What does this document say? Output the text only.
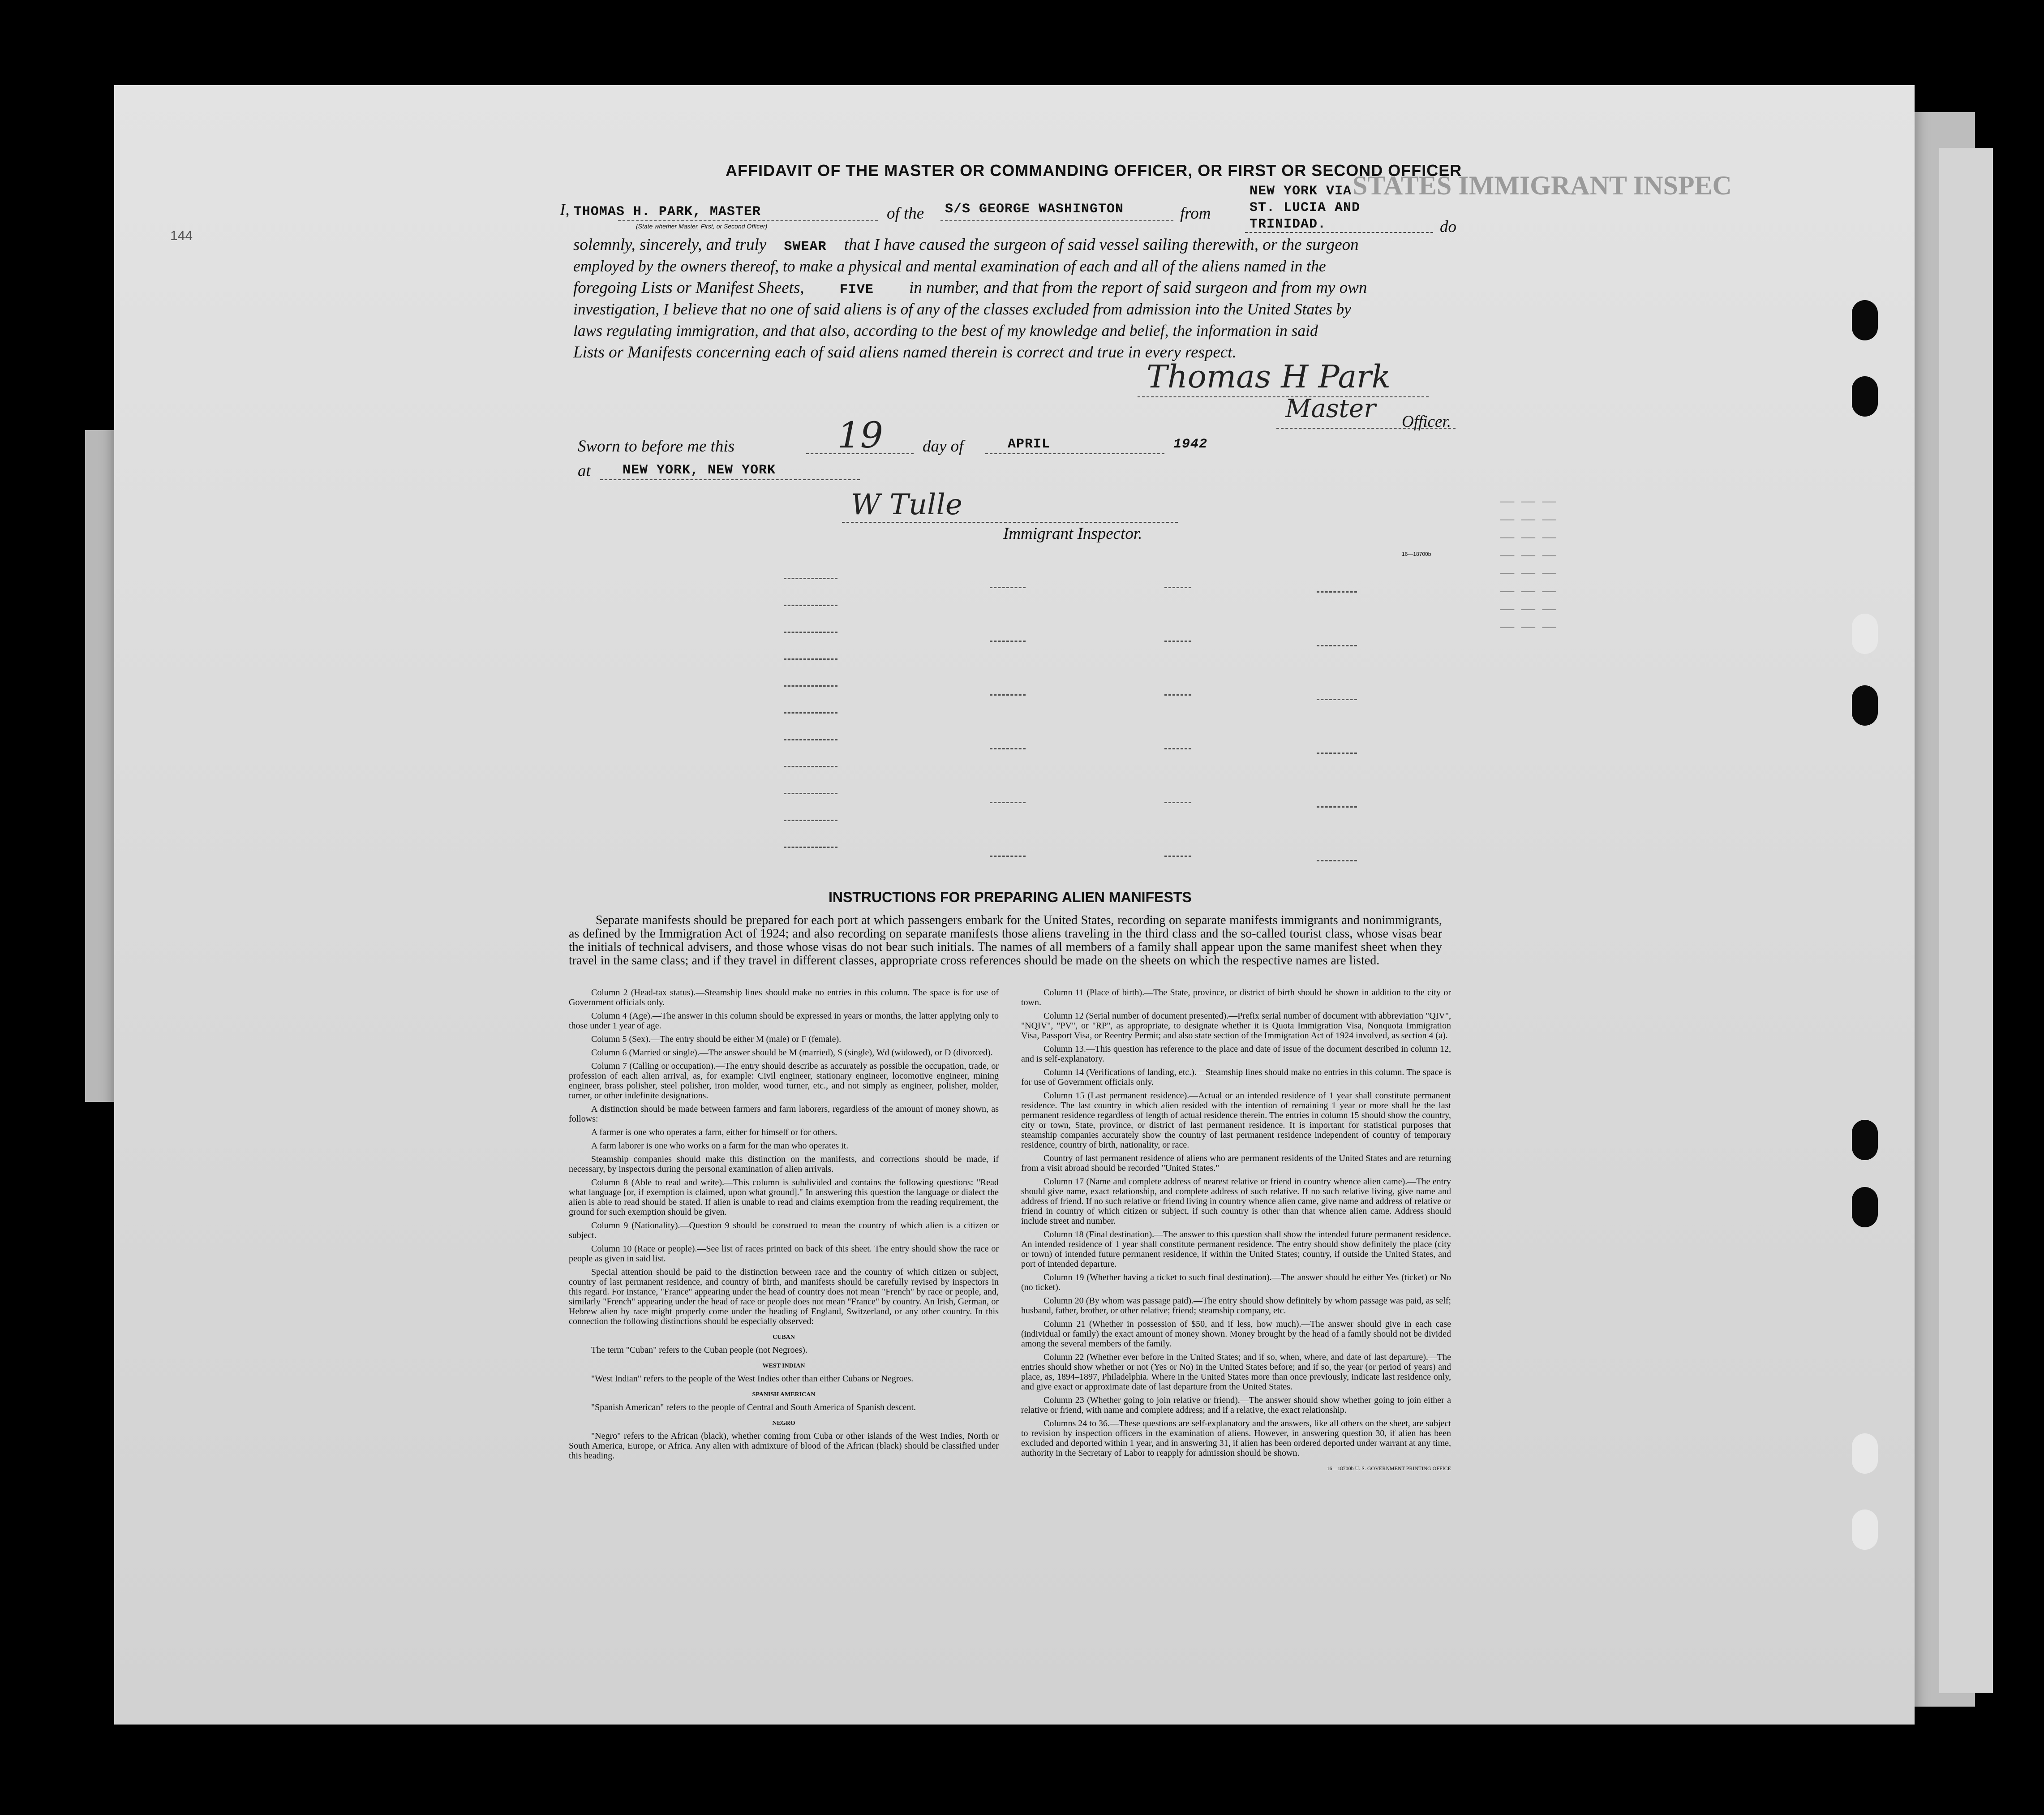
STATES IMMIGRANT INSPEC
—— —— ——
—— —— ——
—— —— ——
—— —— ——
—— —— ——
—— —— ——
—— —— ——
—— —— ——
144
AFFIDAVIT OF THE MASTER OR COMMANDING OFFICER, OR FIRST OR SECOND OFFICER
I, THOMAS H. PARK, MASTER
(State whether Master, First, or Second Officer)
of the S/S GEORGE WASHINGTON	from
NEW YORK VIA
ST. LUCIA AND
TRINIDAD.	do
solemnly, sincerely, and truly SWEAR that I have caused the surgeon of said vessel sailing therewith, or the surgeon
employed by the owners thereof, to make a physical and mental examination of each and all of the aliens named in the
foregoing Lists or Manifest Sheets,	FIVE in number, and that from the report of said surgeon and from my own
investigation, I believe that no one of said aliens is of any of the classes excluded from admission into the United States by
laws regulating immigration, and that also, according to the best of my knowledge and belief, the information in said
Lists or Manifests concerning each of said aliens named therein is correct and true in every respect.
Thomas H Park
Master Officer.
Sworn to before me this	19 day of	APRIL	1942
at NEW YORK, NEW YORK
W Tulle
Immigrant Inspector.
16—18700b
INSTRUCTIONS FOR PREPARING ALIEN MANIFESTS
Separate manifests should be prepared for each port at which passengers embark for the United States, recording on separate manifests immigrants and nonimmigrants, as defined by the Immigration Act of 1924; and also recording on separate manifests those aliens traveling in the third class and the so-called tourist class, whose visas bear the initials of technical advisers, and those whose visas do not bear such initials. The names of all members of a family shall appear upon the same manifest sheet when they travel in the same class; and if they travel in different classes, appropriate cross references should be made on the sheets on which the respective names are listed.

Column 2 (Head-tax status).—Steamship lines should make no entries in this column. The space is for use of Government officials only.

Column 4 (Age).—The answer in this column should be expressed in years or months, the latter applying only to those under 1 year of age.

Column 5 (Sex).—The entry should be either M (male) or F (female).

Column 6 (Married or single).—The answer should be M (married), S (single), Wd (widowed), or D (divorced).

Column 7 (Calling or occupation).—The entry should describe as accurately as possible the occupation, trade, or profession of each alien arrival, as, for example: Civil engineer, stationary engineer, locomotive engineer, mining engineer, brass polisher, steel polisher, iron molder, wood turner, etc., and not simply as engineer, polisher, molder, turner, or other indefinite designations.

A distinction should be made between farmers and farm laborers, regardless of the amount of money shown, as follows:

A farmer is one who operates a farm, either for himself or for others.

A farm laborer is one who works on a farm for the man who operates it.

Steamship companies should make this distinction on the manifests, and corrections should be made, if necessary, by inspectors during the personal examination of alien arrivals.

Column 8 (Able to read and write).—This column is subdivided and contains the following questions: "Read what language [or, if exemption is claimed, upon what ground]." In answering this question the language or dialect the alien is able to read should be stated. If alien is unable to read and claims exemption from the reading requirement, the ground for such exemption should be given.

Column 9 (Nationality).—Question 9 should be construed to mean the country of which alien is a citizen or subject.

Column 10 (Race or people).—See list of races printed on back of this sheet. The entry should show the race or people as given in said list.

Special attention should be paid to the distinction between race and the country of which citizen or subject, country of last permanent residence, and country of birth, and manifests should be carefully revised by inspectors in this regard. For instance, "France" appearing under the head of country does not mean "French" by race or people, and, similarly "French" appearing under the head of race or people does not mean "France" by country. An Irish, German, or Hebrew alien by race might properly come under the heading of England, Switzerland, or any other country. In this connection the following distinctions should be especially observed:

CUBAN

The term "Cuban" refers to the Cuban people (not Negroes).

WEST INDIAN

"West Indian" refers to the people of the West Indies other than either Cubans or Negroes.

SPANISH AMERICAN

"Spanish American" refers to the people of Central and South America of Spanish descent.

NEGRO

"Negro" refers to the African (black), whether coming from Cuba or other islands of the West Indies, North or South America, Europe, or Africa. Any alien with admixture of blood of the African (black) should be classified under this heading.

Column 11 (Place of birth).—The State, province, or district of birth should be shown in addition to the city or town.

Column 12 (Serial number of document presented).—Prefix serial number of document with abbreviation "QIV", "NQIV", "PV", or "RP", as appropriate, to designate whether it is Quota Immigration Visa, Nonquota Immigration Visa, Passport Visa, or Reentry Permit; and also state section of the Immigration Act of 1924 involved, as section 4 (a).

Column 13.—This question has reference to the place and date of issue of the document described in column 12, and is self-explanatory.

Column 14 (Verifications of landing, etc.).—Steamship lines should make no entries in this column. The space is for use of Government officials only.

Column 15 (Last permanent residence).—Actual or an intended residence of 1 year shall constitute permanent residence. The last country in which alien resided with the intention of remaining 1 year or more shall be the last permanent residence regardless of length of actual residence therein. The entries in column 15 should show the country, city or town, State, province, or district of last permanent residence. It is important for statistical purposes that steamship companies accurately show the country of last permanent residence independent of country of temporary residence, country of birth, nationality, or race.

Country of last permanent residence of aliens who are permanent residents of the United States and are returning from a visit abroad should be recorded "United States."

Column 17 (Name and complete address of nearest relative or friend in country whence alien came).—The entry should give name, exact relationship, and complete address of such relative. If no such relative living, give name and address of friend. If no such relative or friend living in country whence alien came, give name and address of relative or friend in country of which citizen or subject, if such country is other than that whence alien came. Address should include street and number.

Column 18 (Final destination).—The answer to this question shall show the intended future permanent residence. An intended residence of 1 year shall constitute permanent residence. The entry should show definitely the place (city or town) of intended future permanent residence, if within the United States; country, if outside the United States, and port of intended departure.

Column 19 (Whether having a ticket to such final destination).—The answer should be either Yes (ticket) or No (no ticket).

Column 20 (By whom was passage paid).—The entry should show definitely by whom passage was paid, as self; husband, father, brother, or other relative; friend; steamship company, etc.

Column 21 (Whether in possession of $50, and if less, how much).—The answer should give in each case (individual or family) the exact amount of money shown. Money brought by the head of a family should not be divided among the several members of the family.

Column 22 (Whether ever before in the United States; and if so, when, where, and date of last departure).—The entries should show whether or not (Yes or No) in the United States before; and if so, the year (or period of years) and place, as, 1894–1897, Philadelphia. Where in the United States more than once previously, indicate last residence only, and give exact or approximate date of last departure from the United States.

Column 23 (Whether going to join relative or friend).—The answer should show whether going to join either a relative or friend, with name and complete address; and if a relative, the exact relationship.

Columns 24 to 36.—These questions are self-explanatory and the answers, like all others on the sheet, are subject to revision by inspection officers in the examination of aliens. However, in answering question 30, if alien has been excluded and deported within 1 year, and in answering 31, if alien has been ordered deported under warrant at any time, authority in the Secretary of Labor to reapply for admission should be shown.

16—18700b U. S. GOVERNMENT PRINTING OFFICE
